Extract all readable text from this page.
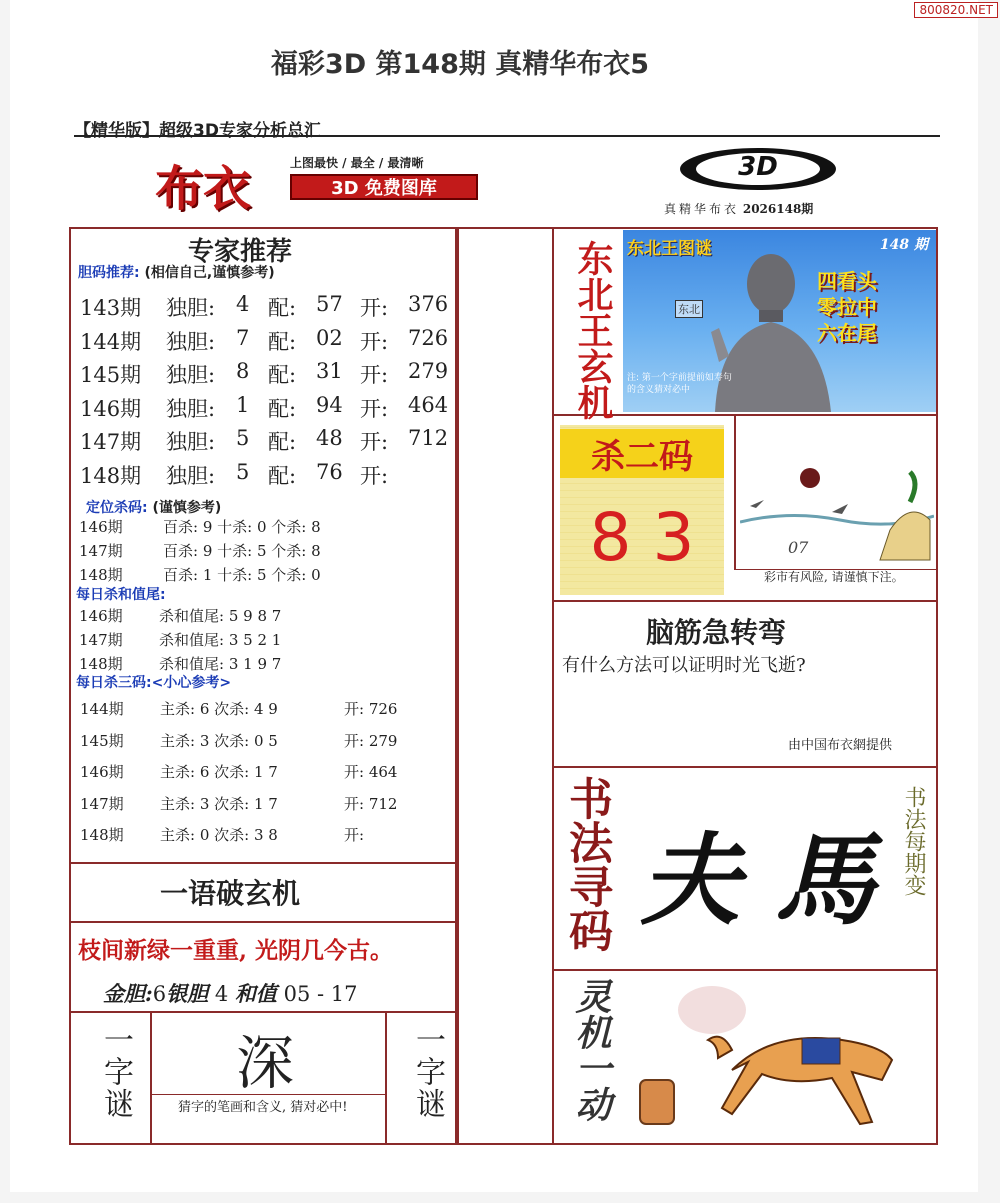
800820.NET
福彩3D 第148期 真精华布衣5
【精华版】超级3D专家分析总汇
布衣	上图最快 / 最全 / 最清晰
3D 免费图库
3D
真精华布衣 2026148期
专家推荐
胆码推荐: (相信自己,谨慎参考)
143期 独胆: 4 配: 57 开: 376
144期 独胆: 7 配: 02 开: 726
145期 独胆: 8 配: 31 开: 279
146期 独胆: 1 配: 94 开: 464
147期 独胆: 5 配: 48 开: 712
148期 独胆: 5 配: 76 开:
定位杀码: (谨慎参考)
146期	百杀: 9 十杀: 0 个杀: 8
147期	百杀: 9 十杀: 5 个杀: 8
148期	百杀: 1 十杀: 5 个杀: 0
每日杀和值尾:
146期 杀和值尾: 5 9 8 7
147期 杀和值尾: 3 5 2 1
148期 杀和值尾: 3 1 9 7
每日杀三码:<小心参考>
144期 主杀: 6 次杀: 4 9	开: 726
145期 主杀: 3 次杀: 0 5	开: 279
146期 主杀: 6 次杀: 1 7	开: 464
147期 主杀: 3 次杀: 1 7	开: 712
148期 主杀: 0 次杀: 3 8	开:
一语破玄机
枝间新绿一重重, 光阴几今古。
金胆:6银胆 4 和值 05 - 17
一字谜 深
猜字的笔画和含义, 猜对必中!	一字谜
东北王玄机 东北王图谜	148 期
四看头
零拉中
六在尾
东北
注: 第一个字前提前如寿句的含义猜对必中
杀二码
8 3	07
彩市有风险, 请谨慎下注。
脑筋急转弯
有什么方法可以证明时光飞逝?
由中国布衣網提供
书法寻码 夫 馬 书法每期变
灵机一动
